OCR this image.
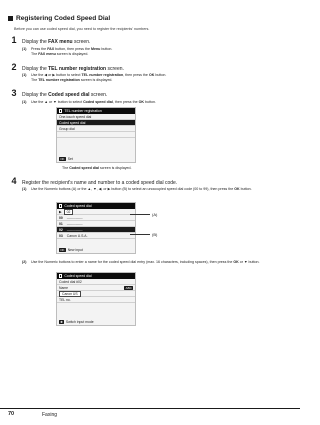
Registering Coded Speed Dial
Before you can use coded speed dial, you need to register the recipients' numbers.
1	Display the FAX menu screen.
(1) Press the FAX button, then press the Menu button.
The FAX menu screen is displayed.
2	Display the TEL number registration screen.
(1) Use the ◀ or ▶ button to select TEL number registration, then press the OK button.
The TEL number registration screen is displayed.
3	Display the Coded speed dial screen.
(1) Use the ▲ or ▼ button to select Coded speed dial, then press the OK button.
TEL number registration
One-touch speed dial
Coded speed dial
Group dial
OK Set
The Coded speed dial screen is displayed.
4	Register the recipient's name and number to a coded speed dial code.
(1)	Use the Numeric buttons (A) or the ▲, ▼, ◀, or ▶ button (B) to select an unoccupied speed dial code (00 to 99), then press the OK button.
Coded speed dial
▶	02
00 --------------
01 --------------
02 --------------
03 Canon U.S.A.
OK New input
(A)
(B)
(2)	Use the Numeric buttons to enter a name for the coded speed dial entry (max. 16 characters, including spaces), then press the OK or ▼ button.
Coded speed dial
Coded dial #02
Name	ABC
Canon US
TEL no.
✱ Switch input mode
70	Faxing
